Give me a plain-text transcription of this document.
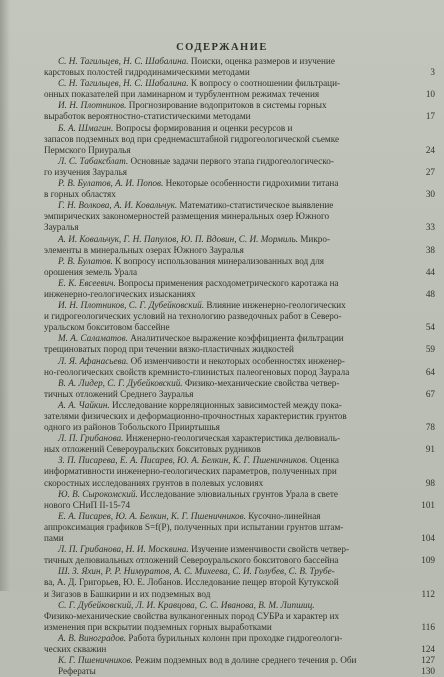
СОДЕРЖАНИЕ
С. Н. Тагильцев, Н. С. Шабалина. Поиски, оценка размеров и изучение
карстовых полостей гидродинамическими методами	3
С. Н. Тагильцев, Н. С. Шабалина. К вопросу о соотношении фильтраци-
онных показателей при ламинарном и турбулентном режимах течения	10
И. Н. Плотников. Прогнозирование водопритоков в системы горных
выработок вероятностно-статистическими методами	17
Б. А. Шмагин. Вопросы формирования и оценки ресурсов и
запасов подземных вод при среднемасштабной гидрогеологической съемке
Пермского Приуралья	24
Л. С. Табаксблат. Основные задачи первого этапа гидрогеологическо-
го изучения Зауралья	27
Р. В. Булатов, А. И. Попов. Некоторые особенности гидрохимии титана
в горных областях	30
Г. Н. Волкова, А. И. Ковальчук. Математико-статистическое выявление
эмпирических закономерностей размещения минеральных озер Южного
Зауралья	33
А. И. Ковальчук, Г. Н. Папулов, Ю. П. Вдовин, С. И. Мормиль. Микро-
элементы в минеральных озерах Южного Зауралья	38
Р. В. Булатов. К вопросу использования минерализованных вод для
орошения земель Урала	44
Е. К. Евсеевич. Вопросы применения расходометрического каротажа на
инженерно-геологических изысканиях	48
И. Н. Плотников, С. Г. Дубейковский. Влияние инженерно-геологических
и гидрогеологических условий на технологию разведочных работ в Северо-
уральском бокситовом бассейне	54
М. А. Саламатов. Аналитическое выражение коэффициента фильтрации
трещиноватых пород при течении вязко-пластичных жидкостей	59
Л. Я. Афанасьева. Об изменчивости и некоторых особенностях инженер-
но-геологических свойств кремнисто-глинистых палеогеновых пород Заурала	64
В. А. Лидер, С. Г. Дубейковский. Физико-механические свойства четвер-
тичных отложений Среднего Зауралья	67
А. А. Чайкин. Исследование корреляционных зависимостей между пока-
зателями физических и деформационно-прочностных характеристик грунтов
одного из районов Тобольского Прииртышья	78
Л. П. Грибанова. Инженерно-геологическая характеристика делювиаль-
ных отложений Североуральских бокситовых рудников	91
З. П. Писарева, Е. А. Писарев, Ю. А. Белкин, К. Г. Пшеничников. Оценка
информативности инженерно-геологических параметров, полученных при
скоростных исследованиях грунтов в полевых условиях	98
Ю. В. Сырокомский. Исследование элювиальных грунтов Урала в свете
нового СНиП II-15-74	101
Е. А. Писарев, Ю. А. Белкин, К. Г. Пшеничников. Кусочно-линейная
аппроксимация графиков S=f(P), полученных при испытании грунтов штам-
пами	104
Л. П. Грибанова, Н. И. Москвина. Изучение изменчивости свойств четвер-
тичных делювиальных отложений Североуральского бокситового бассейна	109
Ш. З. Яхин, Р. Р. Нимуратов, А. С. Михеева, С. И. Голубев, С. В. Трубе-
ва, А. Д. Григорьев, Ю. Е. Лобанов. Исследование пещер второй Кутукской
и Зигазов в Башкирии и их подземных вод	112
С. Г. Дубейковский, Л. И. Кравцова, С. С. Иванова, В. М. Липшиц.
Физико-механические свойства вулканогенных пород СУБРа и характер их
изменения при вскрытии подземных горных выработками	116
А. В. Виноградов. Работа бурильных колонн при проходке гидрогеологи-
ческих скважин	124
К. Г. Пшеничников. Режим подземных вод в долине среднего течения р. Оби	127
Рефераты	130
